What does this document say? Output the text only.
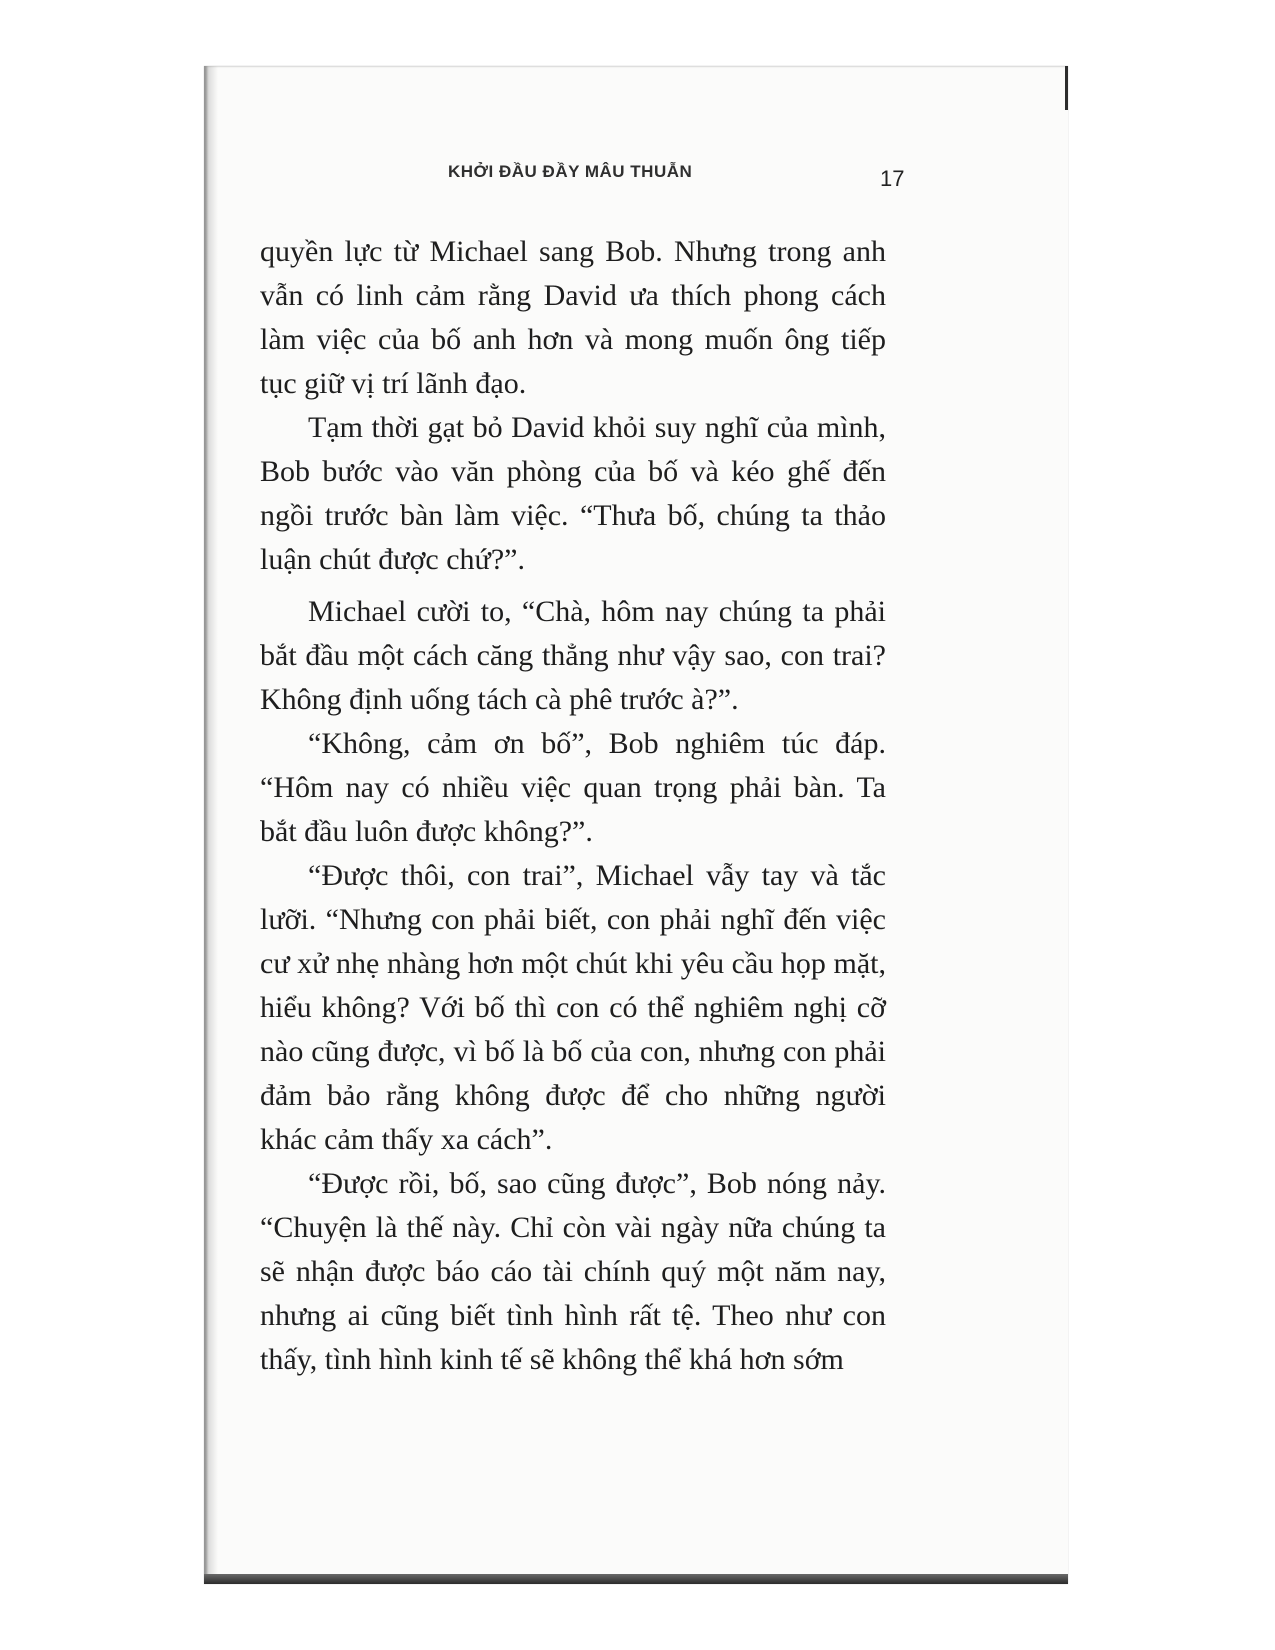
KHỞI ĐẦU ĐẦY MÂU THUẪN	17

quyền lực từ Michael sang Bob. Nhưng trong anh vẫn có linh cảm rằng David ưa thích phong cách làm việc của bố anh hơn và mong muốn ông tiếp tục giữ vị trí lãnh đạo.

Tạm thời gạt bỏ David khỏi suy nghĩ của mình, Bob bước vào văn phòng của bố và kéo ghế đến ngồi trước bàn làm việc. “Thưa bố, chúng ta thảo luận chút được chứ?”.

Michael cười to, “Chà, hôm nay chúng ta phải bắt đầu một cách căng thẳng như vậy sao, con trai? Không định uống tách cà phê trước à?”.

“Không, cảm ơn bố”, Bob nghiêm túc đáp. “Hôm nay có nhiều việc quan trọng phải bàn. Ta bắt đầu luôn được không?”.

“Được thôi, con trai”, Michael vẫy tay và tắc lưỡi. “Nhưng con phải biết, con phải nghĩ đến việc cư xử nhẹ nhàng hơn một chút khi yêu cầu họp mặt, hiểu không? Với bố thì con có thể nghiêm nghị cỡ nào cũng được, vì bố là bố của con, nhưng con phải đảm bảo rằng không được để cho những người khác cảm thấy xa cách”.

“Được rồi, bố, sao cũng được”, Bob nóng nảy. “Chuyện là thế này. Chỉ còn vài ngày nữa chúng ta sẽ nhận được báo cáo tài chính quý một năm nay, nhưng ai cũng biết tình hình rất tệ. Theo như con thấy, tình hình kinh tế sẽ không thể khá hơn sớm
